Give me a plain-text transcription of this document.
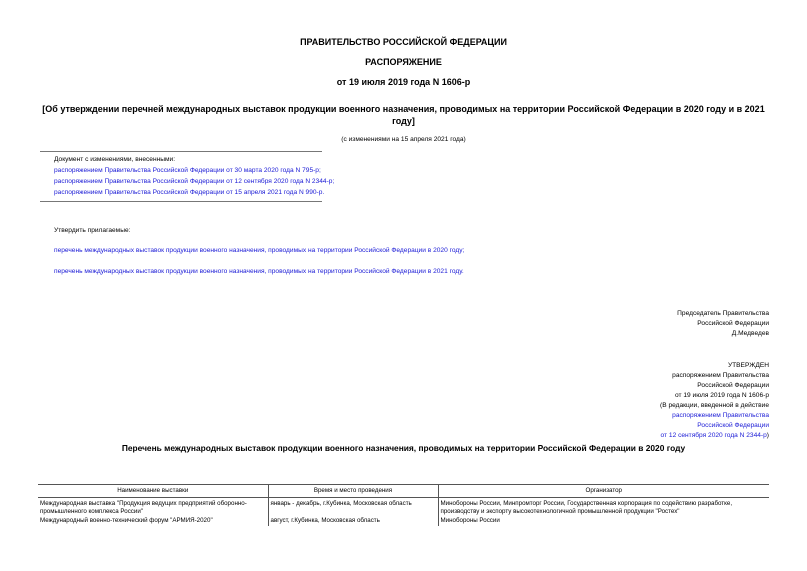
ПРАВИТЕЛЬСТВО РОССИЙСКОЙ ФЕДЕРАЦИИ
РАСПОРЯЖЕНИЕ
от 19 июля 2019 года N 1606-р
[Об утверждении перечней международных выставок продукции военного назначения, проводимых на территории Российской Федерации в 2020 году и в 2021 году]
(с изменениями на 15 апреля 2021 года)
Документ с изменениями, внесенными:
распоряжением Правительства Российской Федерации от 30 марта 2020 года N 795-р;
распоряжением Правительства Российской Федерации от 12 сентября 2020 года N 2344-р;
распоряжением Правительства Российской Федерации от 15 апреля 2021 года N 990-р.
Утвердить прилагаемые:
перечень международных выставок продукции военного назначения, проводимых на территории Российской Федерации в 2020 году;
перечень международных выставок продукции военного назначения, проводимых на территории Российской Федерации в 2021 году.
Председатель Правительства
Российской Федерации
Д.Медведев
УТВЕРЖДЕН
распоряжением Правительства
Российской Федерации
от 19 июля 2019 года N 1606-р
(В редакции, введенной в действие
распоряжением Правительства
Российской Федерации
от 12 сентября 2020 года N 2344-р)
Перечень международных выставок продукции военного назначения, проводимых на территории Российской Федерации в 2020 году
Наименование выставки	Время и место проведения	Организатор
Международная выставка "Продукция ведущих предприятий оборонно-промышленного комплекса России"	январь - декабрь, г.Кубинка, Московская область	Минобороны России, Минпромторг России, Государственная корпорация по содействию разработке, производству и экспорту высокотехнологичной промышленной продукции "Ростех"
Международный военно-технический форум "АРМИЯ-2020"	август, г.Кубинка, Московская область	Минобороны России
